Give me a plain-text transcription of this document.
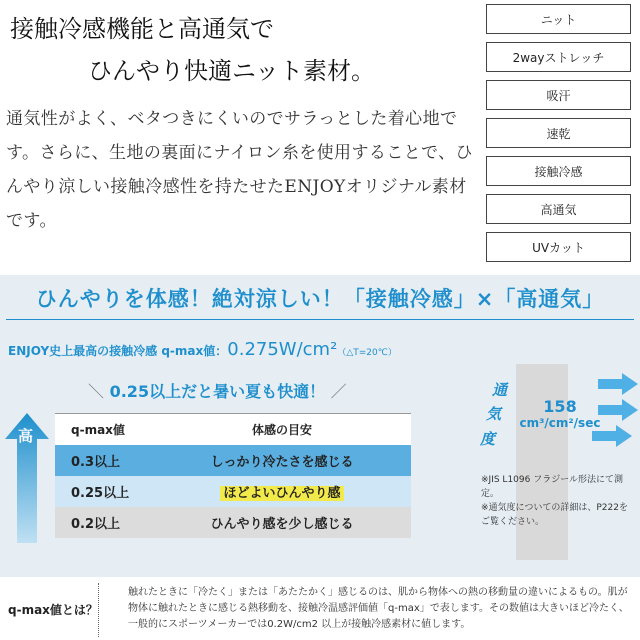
接触冷感機能と高通気で
ひんやり快適ニット素材。

通気性がよく、ベタつきにくいのでサラっとした着心地です。さらに、生地の裏面にナイロン糸を使用することで、ひんやり涼しい接触冷感性を持たせたENJOYオリジナル素材です。

ニット
2wayストレッチ
吸汗
速乾
接触冷感
高通気
UVカット
ひんやりを体感！絶対涼しい！「接触冷感」×「高通気」
ENJOY史上最高の接触冷感 q-max値：0.275W/cm²（△T=20℃）
＼ 0.25以上だと暑い夏も快適！ ／
高	q-max値	体感の目安
0.3以上	しっかり冷たさを感じる
0.25以上	ほどよいひんやり感
0.2以上	ひんやり感を少し感じる
通
気
度
158
cm³/cm²/sec
※JIS L1096 フラジール形法にて測定。
※通気度についての詳細は、P222をご覧ください。
q-max値とは？
触れたときに「冷たく」または「あたたかく」感じるのは、肌から物体への熱の移動量の違いによるもの。肌が物体に触れたときに感じる熱移動を、接触冷温感評価値「q-max」で表します。その数値は大きいほど冷たく、一般的にスポーツメーカーでは0.2W/cm2 以上が接触冷感素材に値します。
